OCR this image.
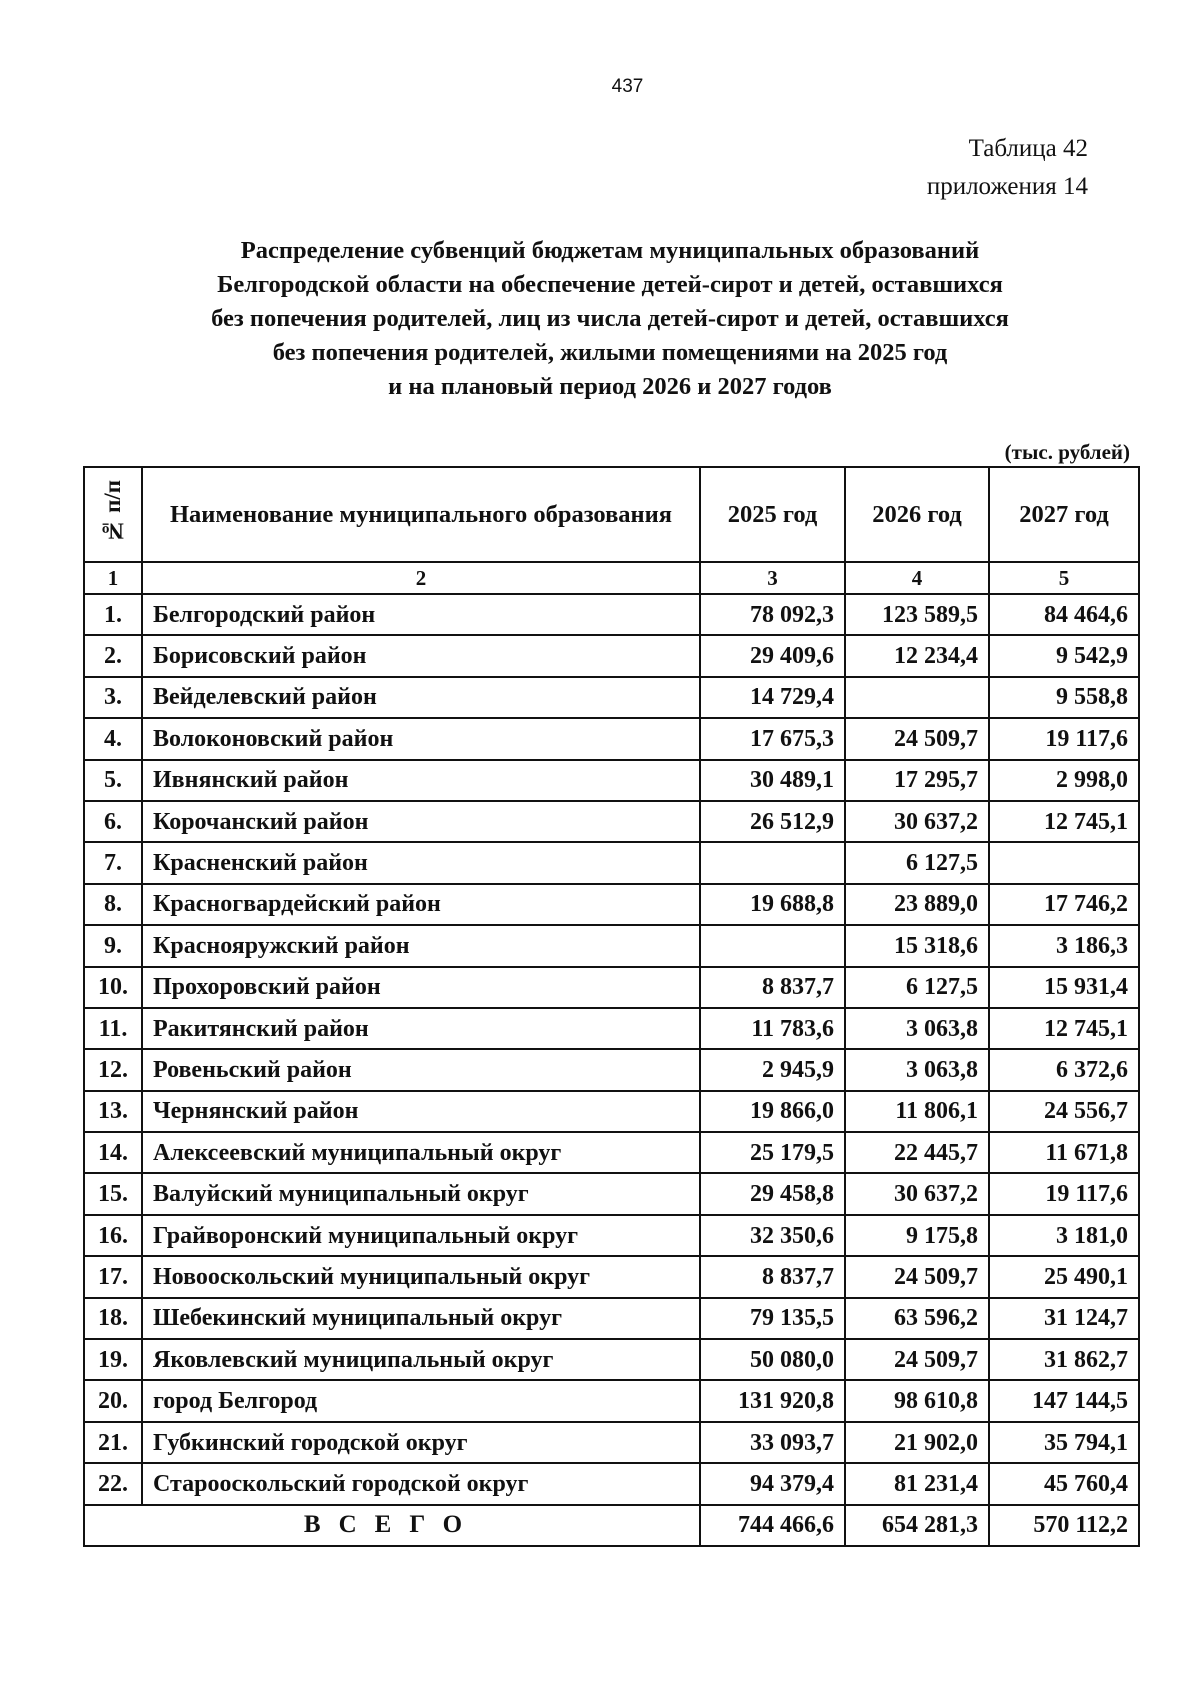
437
Таблица 42
приложения 14
Распределение субвенций бюджетам муниципальных образований
Белгородской области на обеспечение детей-сирот и детей, оставшихся
без попечения родителей, лиц из числа детей-сирот и детей, оставшихся
без попечения родителей, жилыми помещениями на 2025 год
и на плановый период 2026 и 2027 годов
(тыс. рублей)
№ п/п	Наименование муниципального образования	2025 год	2026 год	2027 год
1	2	3	4	5
1.	Белгородский район	78 092,3	123 589,5	84 464,6
2.	Борисовский район	29 409,6	12 234,4	9 542,9
3.	Вейделевский район	14 729,4		9 558,8
4.	Волоконовский район	17 675,3	24 509,7	19 117,6
5.	Ивнянский район	30 489,1	17 295,7	2 998,0
6.	Корочанский район	26 512,9	30 637,2	12 745,1
7.	Красненский район		6 127,5	
8.	Красногвардейский район	19 688,8	23 889,0	17 746,2
9.	Краснояружский район		15 318,6	3 186,3
10.	Прохоровский район	8 837,7	6 127,5	15 931,4
11.	Ракитянский район	11 783,6	3 063,8	12 745,1
12.	Ровеньский район	2 945,9	3 063,8	6 372,6
13.	Чернянский район	19 866,0	11 806,1	24 556,7
14.	Алексеевский муниципальный округ	25 179,5	22 445,7	11 671,8
15.	Валуйский муниципальный округ	29 458,8	30 637,2	19 117,6
16.	Грайворонский муниципальный округ	32 350,6	9 175,8	3 181,0
17.	Новооскольский муниципальный округ	8 837,7	24 509,7	25 490,1
18.	Шебекинский муниципальный округ	79 135,5	63 596,2	31 124,7
19.	Яковлевский муниципальный округ	50 080,0	24 509,7	31 862,7
20.	город Белгород	131 920,8	98 610,8	147 144,5
21.	Губкинский городской округ	33 093,7	21 902,0	35 794,1
22.	Старооскольский городской округ	94 379,4	81 231,4	45 760,4
ВСЕГО		744 466,6	654 281,3	570 112,2
